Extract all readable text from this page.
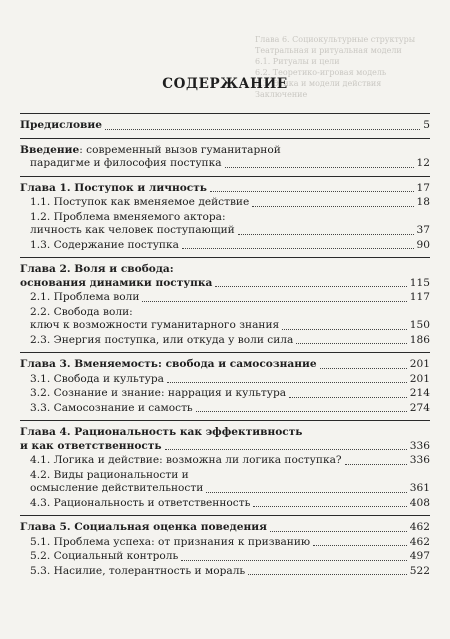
Глава 6. Социокультурные структуры
Театральная и ритуальная модели
6.1. Ритуалы и цели
6.2. Теоретико-игровая модель
6.3. Этика и модели действия
Заключение
СОДЕРЖАНИЕ
Предисловие	5
Введение: современный вызов гуманитарной
парадигме и философия поступка	12
Глава 1. Поступок и личность	17
1.1. Поступок как вменяемое действие	18
1.2. Проблема вменяемого актора:
личность как человек поступающий	37
1.3. Содержание поступка	90
Глава 2. Воля и свобода:
основания динамики поступка	115
2.1. Проблема воли	117
2.2. Свобода воли:
ключ к возможности гуманитарного знания	150
2.3. Энергия поступка, или откуда у воли сила	186
Глава 3. Вменяемость: свобода и самосознание	201
3.1. Свобода и культура	201
3.2. Сознание и знание: наррация и культура	214
3.3. Самосознание и самость	274
Глава 4. Рациональность как эффективность
и как ответственность	336
4.1. Логика и действие: возможна ли логика поступка?	336
4.2. Виды рациональности и
осмысление действительности	361
4.3. Рациональность и ответственность	408
Глава 5. Социальная оценка поведения	462
5.1. Проблема успеха: от признания к призванию	462
5.2. Социальный контроль	497
5.3. Насилие, толерантность и мораль	522
